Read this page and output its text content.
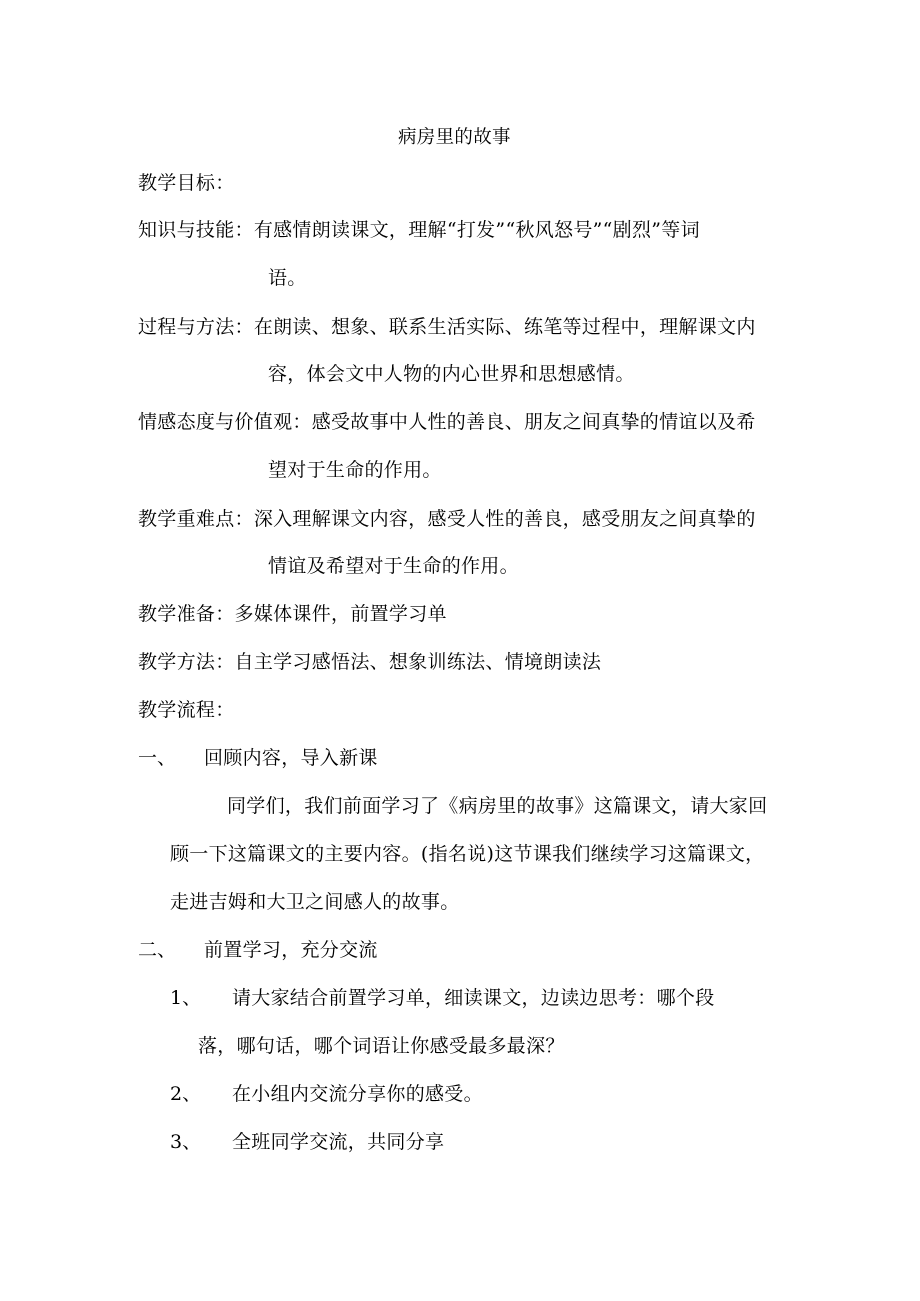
病房里的故事
教学目标：
知识与技能：有感情朗读课文，理解“打发”“秋风怒号”“剧烈”等词
语。
过程与方法：在朗读、想象、联系生活实际、练笔等过程中，理解课文内
容，体会文中人物的内心世界和思想感情。
情感态度与价值观：感受故事中人性的善良、朋友之间真挚的情谊以及希
望对于生命的作用。
教学重难点：深入理解课文内容，感受人性的善良，感受朋友之间真挚的
情谊及希望对于生命的作用。
教学准备：多媒体课件，前置学习单
教学方法：自主学习感悟法、想象训练法、情境朗读法
教学流程：
一、 回顾内容，导入新课
同学们，我们前面学习了《病房里的故事》这篇课文，请大家回
顾一下这篇课文的主要内容。(指名说)这节课我们继续学习这篇课文，
走进吉姆和大卫之间感人的故事。
二、 前置学习，充分交流
1、 请大家结合前置学习单，细读课文，边读边思考：哪个段
落，哪句话，哪个词语让你感受最多最深？
2、 在小组内交流分享你的感受。
3、 全班同学交流，共同分享
